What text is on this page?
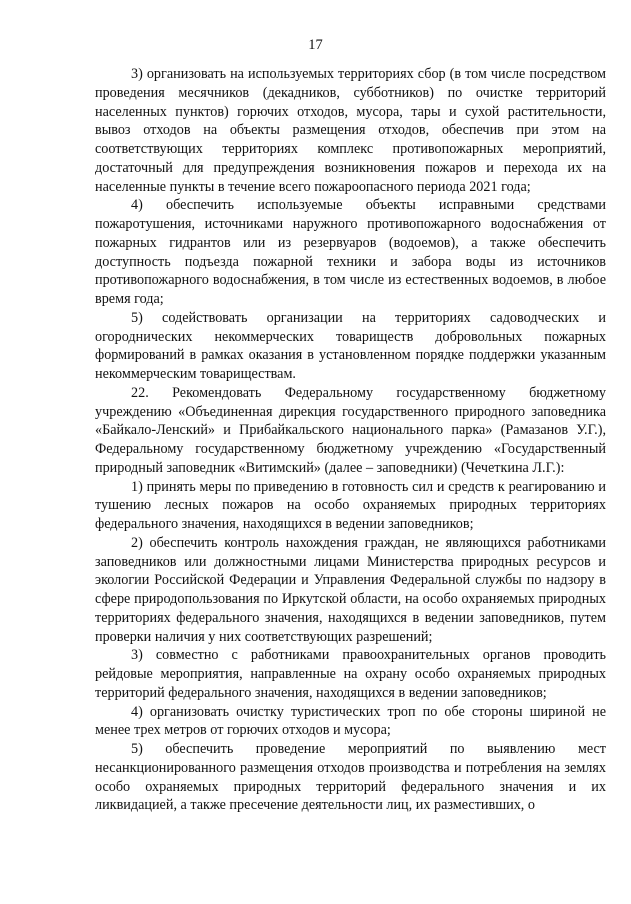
17

3) организовать на используемых территориях сбор (в том числе посредством проведения месячников (декадников, субботников) по очистке территорий населенных пунктов) горючих отходов, мусора, тары и сухой растительности, вывоз отходов на объекты размещения отходов, обеспечив при этом на соответствующих территориях комплекс противопожарных мероприятий, достаточный для предупреждения возникновения пожаров и перехода их на населенные пункты в течение всего пожароопасного периода 2021 года;

4) обеспечить используемые объекты исправными средствами пожаротушения, источниками наружного противопожарного водоснабжения от пожарных гидрантов или из резервуаров (водоемов), а также обеспечить доступность подъезда пожарной техники и забора воды из источников противопожарного водоснабжения, в том числе из естественных водоемов, в любое время года;

5) содействовать организации на территориях садоводческих и огороднических некоммерческих товариществ добровольных пожарных формирований в рамках оказания в установленном порядке поддержки указанным некоммерческим товариществам.

22. Рекомендовать Федеральному государственному бюджетному учреждению «Объединенная дирекция государственного природного заповедника «Байкало-Ленский» и Прибайкальского национального парка» (Рамазанов У.Г.), Федеральному государственному бюджетному учреждению «Государственный природный заповедник «Витимский» (далее – заповедники) (Чечеткина Л.Г.):

1) принять меры по приведению в готовность сил и средств к реагированию и тушению лесных пожаров на особо охраняемых природных территориях федерального значения, находящихся в ведении заповедников;

2) обеспечить контроль нахождения граждан, не являющихся работниками заповедников или должностными лицами Министерства природных ресурсов и экологии Российской Федерации и Управления Федеральной службы по надзору в сфере природопользования по Иркутской области, на особо охраняемых природных территориях федерального значения, находящихся в ведении заповедников, путем проверки наличия у них соответствующих разрешений;

3) совместно с работниками правоохранительных органов проводить рейдовые мероприятия, направленные на охрану особо охраняемых природных территорий федерального значения, находящихся в ведении заповедников;

4) организовать очистку туристических троп по обе стороны шириной не менее трех метров от горючих отходов и мусора;

5) обеспечить проведение мероприятий по выявлению мест несанкционированного размещения отходов производства и потребления на землях особо охраняемых природных территорий федерального значения и их ликвидацией, а также пресечение деятельности лиц, их разместивших, о
